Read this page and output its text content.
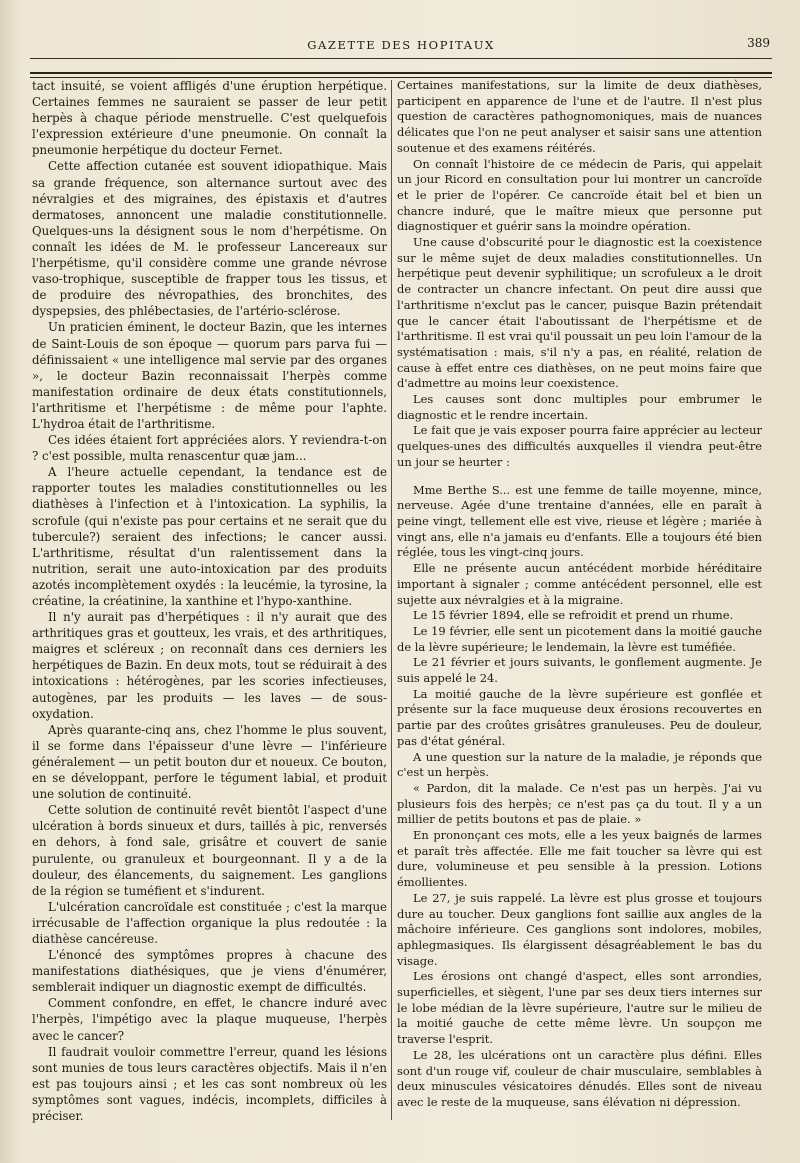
GAZETTE DES HOPITAUX	389

tact insuité, se voient affligés d'une éruption herpétique. Certaines femmes ne sauraient se passer de leur petit herpès à chaque période menstruelle. C'est quelquefois l'expression extérieure d'une pneumonie. On connaît la pneumonie herpétique du docteur Fernet.

Cette affection cutanée est souvent idiopathique. Mais sa grande fréquence, son alternance surtout avec des névralgies et des migraines, des épistaxis et d'autres dermatoses, annoncent une maladie constitutionnelle. Quelques-uns la désignent sous le nom d'herpétisme. On connaît les idées de M. le professeur Lancereaux sur l'herpétisme, qu'il considère comme une grande névrose vaso-trophique, susceptible de frapper tous les tissus, et de produire des névropathies, des bronchites, des dyspepsies, des phlébectasies, de l'artério-sclérose.

Un praticien éminent, le docteur Bazin, que les internes de Saint-Louis de son époque — quorum pars parva fui — définissaient « une intelligence mal servie par des organes », le docteur Bazin reconnaissait l'herpès comme manifestation ordinaire de deux états constitutionnels, l'arthritisme et l'herpétisme : de même pour l'aphte. L'hydroa était de l'arthritisme.

Ces idées étaient fort appréciées alors. Y reviendra-t-on ? c'est possible, multa renascentur quæ jam...

A l'heure actuelle cependant, la tendance est de rapporter toutes les maladies constitutionnelles ou les diathèses à l'infection et à l'intoxication. La syphilis, la scrofule (qui n'existe pas pour certains et ne serait que du tubercule?) seraient des infections; le cancer aussi. L'arthritisme, résultat d'un ralentissement dans la nutrition, serait une auto-intoxication par des produits azotés incomplètement oxydés : la leucémie, la tyrosine, la créatine, la créatinine, la xanthine et l'hypo-xanthine.

Il n'y aurait pas d'herpétiques : il n'y aurait que des arthritiques gras et goutteux, les vrais, et des arthritiques, maigres et scléreux ; on reconnaît dans ces derniers les herpétiques de Bazin. En deux mots, tout se réduirait à des intoxications : hétérogènes, par les scories infectieuses, autogènes, par les produits — les laves — de sous-oxydation.

Après quarante-cinq ans, chez l'homme le plus souvent, il se forme dans l'épaisseur d'une lèvre — l'inférieure généralement — un petit bouton dur et noueux. Ce bouton, en se développant, perfore le tégument labial, et produit une solution de continuité.

Cette solution de continuité revêt bientôt l'aspect d'une ulcération à bords sinueux et durs, taillés à pic, renversés en dehors, à fond sale, grisâtre et couvert de sanie purulente, ou granuleux et bourgeonnant. Il y a de la douleur, des élancements, du saignement. Les ganglions de la région se tuméfient et s'indurent.

L'ulcération cancroïdale est constituée ; c'est la marque irrécusable de l'affection organique la plus redoutée : la diathèse cancéreuse.

L'énoncé des symptômes propres à chacune des manifestations diathésiques, que je viens d'énumérer, semblerait indiquer un diagnostic exempt de difficultés.

Comment confondre, en effet, le chancre induré avec l'herpès, l'impétigo avec la plaque muqueuse, l'herpès avec le cancer?

Il faudrait vouloir commettre l'erreur, quand les lésions sont munies de tous leurs caractères objectifs. Mais il n'en est pas toujours ainsi ; et les cas sont nombreux où les symptômes sont vagues, indécis, incomplets, difficiles à préciser.

Certaines manifestations, sur la limite de deux diathèses, participent en apparence de l'une et de l'autre. Il n'est plus question de caractères pathognomoniques, mais de nuances délicates que l'on ne peut analyser et saisir sans une attention soutenue et des examens réitérés.

On connaît l'histoire de ce médecin de Paris, qui appelait un jour Ricord en consultation pour lui montrer un cancroïde et le prier de l'opérer. Ce cancroïde était bel et bien un chancre induré, que le maître mieux que personne put diagnostiquer et guérir sans la moindre opération.

Une cause d'obscurité pour le diagnostic est la coexistence sur le même sujet de deux maladies constitutionnelles. Un herpétique peut devenir syphilitique; un scrofuleux a le droit de contracter un chancre infectant. On peut dire aussi que l'arthritisme n'exclut pas le cancer, puisque Bazin prétendait que le cancer était l'aboutissant de l'herpétisme et de l'arthritisme. Il est vrai qu'il poussait un peu loin l'amour de la systématisation : mais, s'il n'y a pas, en réalité, relation de cause à effet entre ces diathèses, on ne peut moins faire que d'admettre au moins leur coexistence.

Les causes sont donc multiples pour embrumer le diagnostic et le rendre incertain.

Le fait que je vais exposer pourra faire apprécier au lecteur quelques-unes des difficultés auxquelles il viendra peut-être un jour se heurter :

Mme Berthe S... est une femme de taille moyenne, mince, nerveuse. Agée d'une trentaine d'années, elle en paraît à peine vingt, tellement elle est vive, rieuse et légère ; mariée à vingt ans, elle n'a jamais eu d'enfants. Elle a toujours été bien réglée, tous les vingt-cinq jours.

Elle ne présente aucun antécédent morbide héréditaire important à signaler ; comme antécédent personnel, elle est sujette aux névralgies et à la migraine.

Le 15 février 1894, elle se refroidit et prend un rhume.

Le 19 février, elle sent un picotement dans la moitié gauche de la lèvre supérieure; le lendemain, la lèvre est tuméfiée.

Le 21 février et jours suivants, le gonflement augmente. Je suis appelé le 24.

La moitié gauche de la lèvre supérieure est gonflée et présente sur la face muqueuse deux érosions recouvertes en partie par des croûtes grisâtres granuleuses. Peu de douleur, pas d'état général.

A une question sur la nature de la maladie, je réponds que c'est un herpès.

« Pardon, dit la malade. Ce n'est pas un herpès. J'ai vu plusieurs fois des herpès; ce n'est pas ça du tout. Il y a un millier de petits boutons et pas de plaie. »

En prononçant ces mots, elle a les yeux baignés de larmes et paraît très affectée. Elle me fait toucher sa lèvre qui est dure, volumineuse et peu sensible à la pression. Lotions émollientes.

Le 27, je suis rappelé. La lèvre est plus grosse et toujours dure au toucher. Deux ganglions font saillie aux angles de la mâchoire inférieure. Ces ganglions sont indolores, mobiles, aphlegmasiques. Ils élargissent désagréablement le bas du visage.

Les érosions ont changé d'aspect, elles sont arrondies, superficielles, et siègent, l'une par ses deux tiers internes sur le lobe médian de la lèvre supérieure, l'autre sur le milieu de la moitié gauche de cette même lèvre. Un soupçon me traverse l'esprit.

Le 28, les ulcérations ont un caractère plus défini. Elles sont d'un rouge vif, couleur de chair musculaire, semblables à deux minuscules vésicatoires dénudés. Elles sont de niveau avec le reste de la muqueuse, sans élévation ni dépression.
